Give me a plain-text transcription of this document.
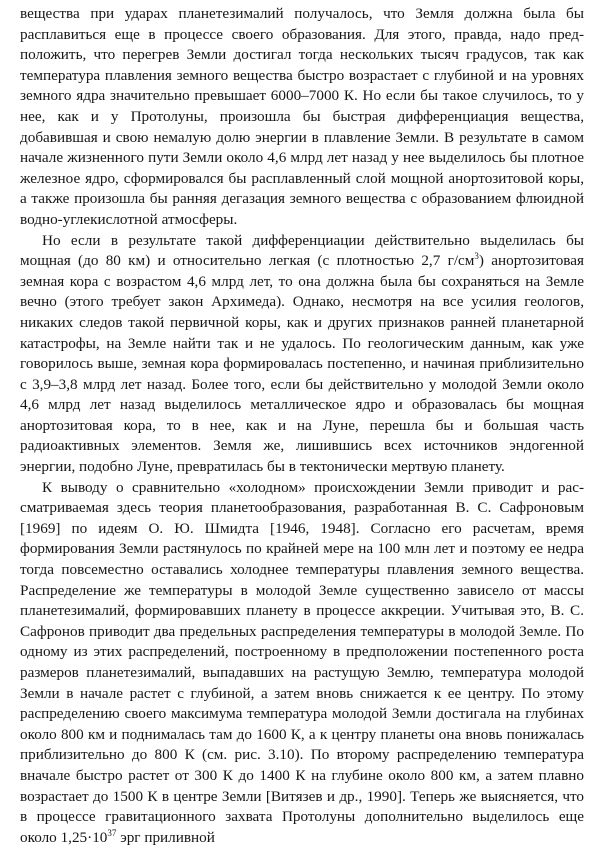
вещества при ударах планетезималий получалось, что Земля должна была бы расплавиться еще в процессе своего образования. Для этого, правда, надо предположить, что перегрев Земли достигал тогда нескольких тысяч градусов, так как температура плавления земного вещества быстро возрастает с глубиной и на уровнях земного ядра значительно превышает 6000–7000 К. Но если бы такое случилось, то у нее, как и у Протолуны, произошла бы быстрая дифференциация вещества, добавившая и свою немалую долю энергии в плавление Земли. В результате в самом начале жизненного пути Земли около 4,6 млрд лет назад у нее выделилось бы плотное железное ядро, сформировался бы расплавленный слой мощной анортозитовой коры, а также произошла бы ранняя дегазация земного вещества с образованием флюидной водно-углекислотной атмосферы.

Но если в результате такой дифференциации действительно выделилась бы мощная (до 80 км) и относительно легкая (с плотностью 2,7 $г/см^3$) анортозитовая земная кора с возрастом 4,6 млрд лет, то она должна была бы сохраняться на Земле вечно (этого требует закон Архимеда). Однако, несмотря на все усилия геологов, никаких следов такой первичной коры, как и других признаков ранней планетарной катастрофы, на Земле найти так и не удалось. По геологическим данным, как уже говорилось выше, земная кора формировалась постепенно, и начиная приблизительно с 3,9–3,8 млрд лет назад. Более того, если бы действительно у молодой Земли около 4,6 млрд лет назад выделилось металлическое ядро и образовалась бы мощная анортозитовая кора, то в нее, как и на Луне, перешла бы и большая часть радиоактивных элементов. Земля же, лишившись всех источников эндогенной энергии, подобно Луне, превратилась бы в тектонически мертвую планету.

К выводу о сравнительно «холодном» происхождении Земли приводит и рассматриваемая здесь теория планетообразования, разработанная В. С. Сафроновым [1969] по идеям О. Ю. Шмидта [1946, 1948]. Согласно его расчетам, время формирования Земли растянулось по крайней мере на 100 млн лет и поэтому ее недра тогда повсеместно оставались холоднее температуры плавления земного вещества. Распределение же температуры в молодой Земле существенно зависело от массы планетезималий, формировавших планету в процессе аккреции. Учитывая это, В. С. Сафронов приводит два предельных распределения температуры в молодой Земле. По одному из этих распределений, построенному в предположении постепенного роста размеров планетезималий, выпадавших на растущую Землю, температура молодой Земли в начале растет с глубиной, а затем вновь снижается к ее центру. По этому распределению своего максимума температура молодой Земли достигала на глубинах около 800 км и поднималась там до 1600 К, а к центру планеты она вновь понижалась приблизительно до 800 К (см. рис. 3.10). По второму распределению температура вначале быстро растет от 300 К до 1400 К на глубине около 800 км, а затем плавно возрастает до 1500 К в центре Земли [Витязев и др., 1990]. Теперь же выясняется, что в процессе гравитационного захвата Протолуны дополнительно выделилось еще около $1,25\cdot 10^{37}$ эрг приливной
